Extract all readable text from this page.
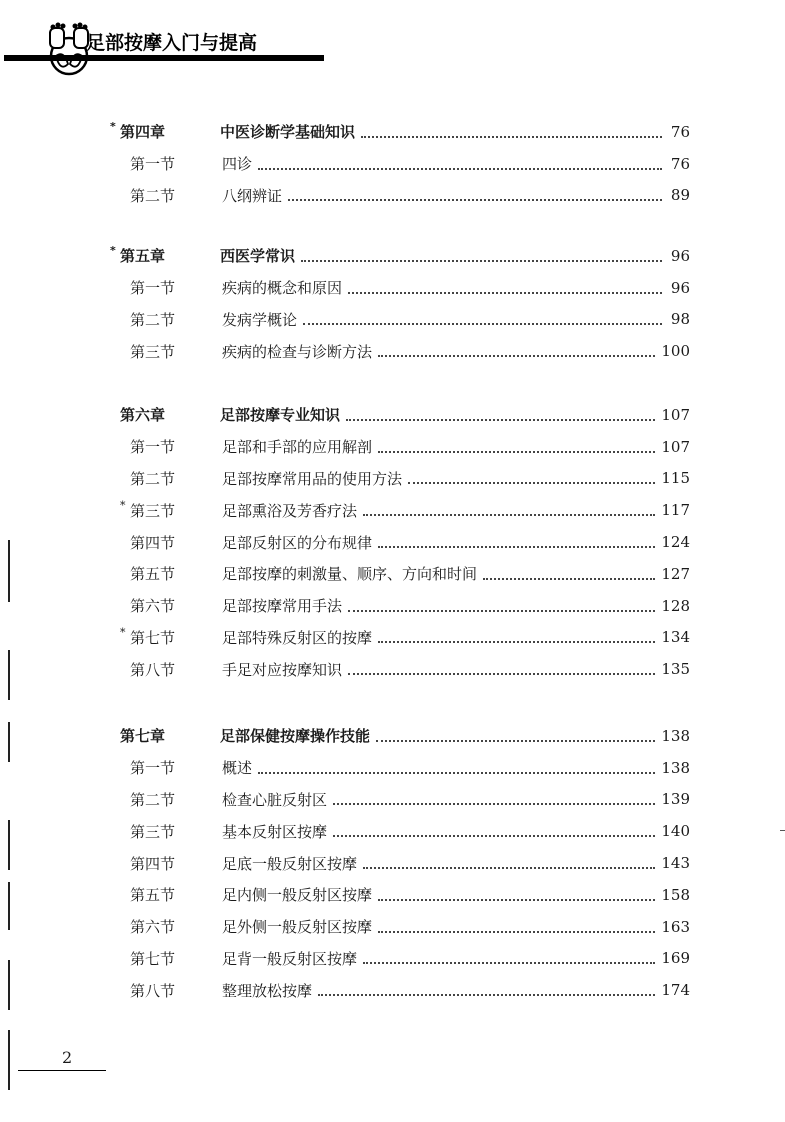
足部按摩入门与提高
* 第四章	中医诊断学基础知识	76
第一节	四诊	76
第二节	八纲辨证	89
* 第五章	西医学常识	96
第一节	疾病的概念和原因	96
第二节	发病学概论	98
第三节	疾病的检查与诊断方法	100
第六章	足部按摩专业知识	107
第一节	足部和手部的应用解剖	107
第二节	足部按摩常用品的使用方法	115
* 第三节	足部熏浴及芳香疗法	117
第四节	足部反射区的分布规律	124
第五节	足部按摩的刺激量、顺序、方向和时间	127
第六节	足部按摩常用手法	128
* 第七节	足部特殊反射区的按摩	134
第八节	手足对应按摩知识	135
第七章	足部保健按摩操作技能	138
第一节	概述	138
第二节	检查心脏反射区	139
第三节	基本反射区按摩	140
第四节	足底一般反射区按摩	143
第五节	足内侧一般反射区按摩	158
第六节	足外侧一般反射区按摩	163
第七节	足背一般反射区按摩	169
第八节	整理放松按摩	174
2
